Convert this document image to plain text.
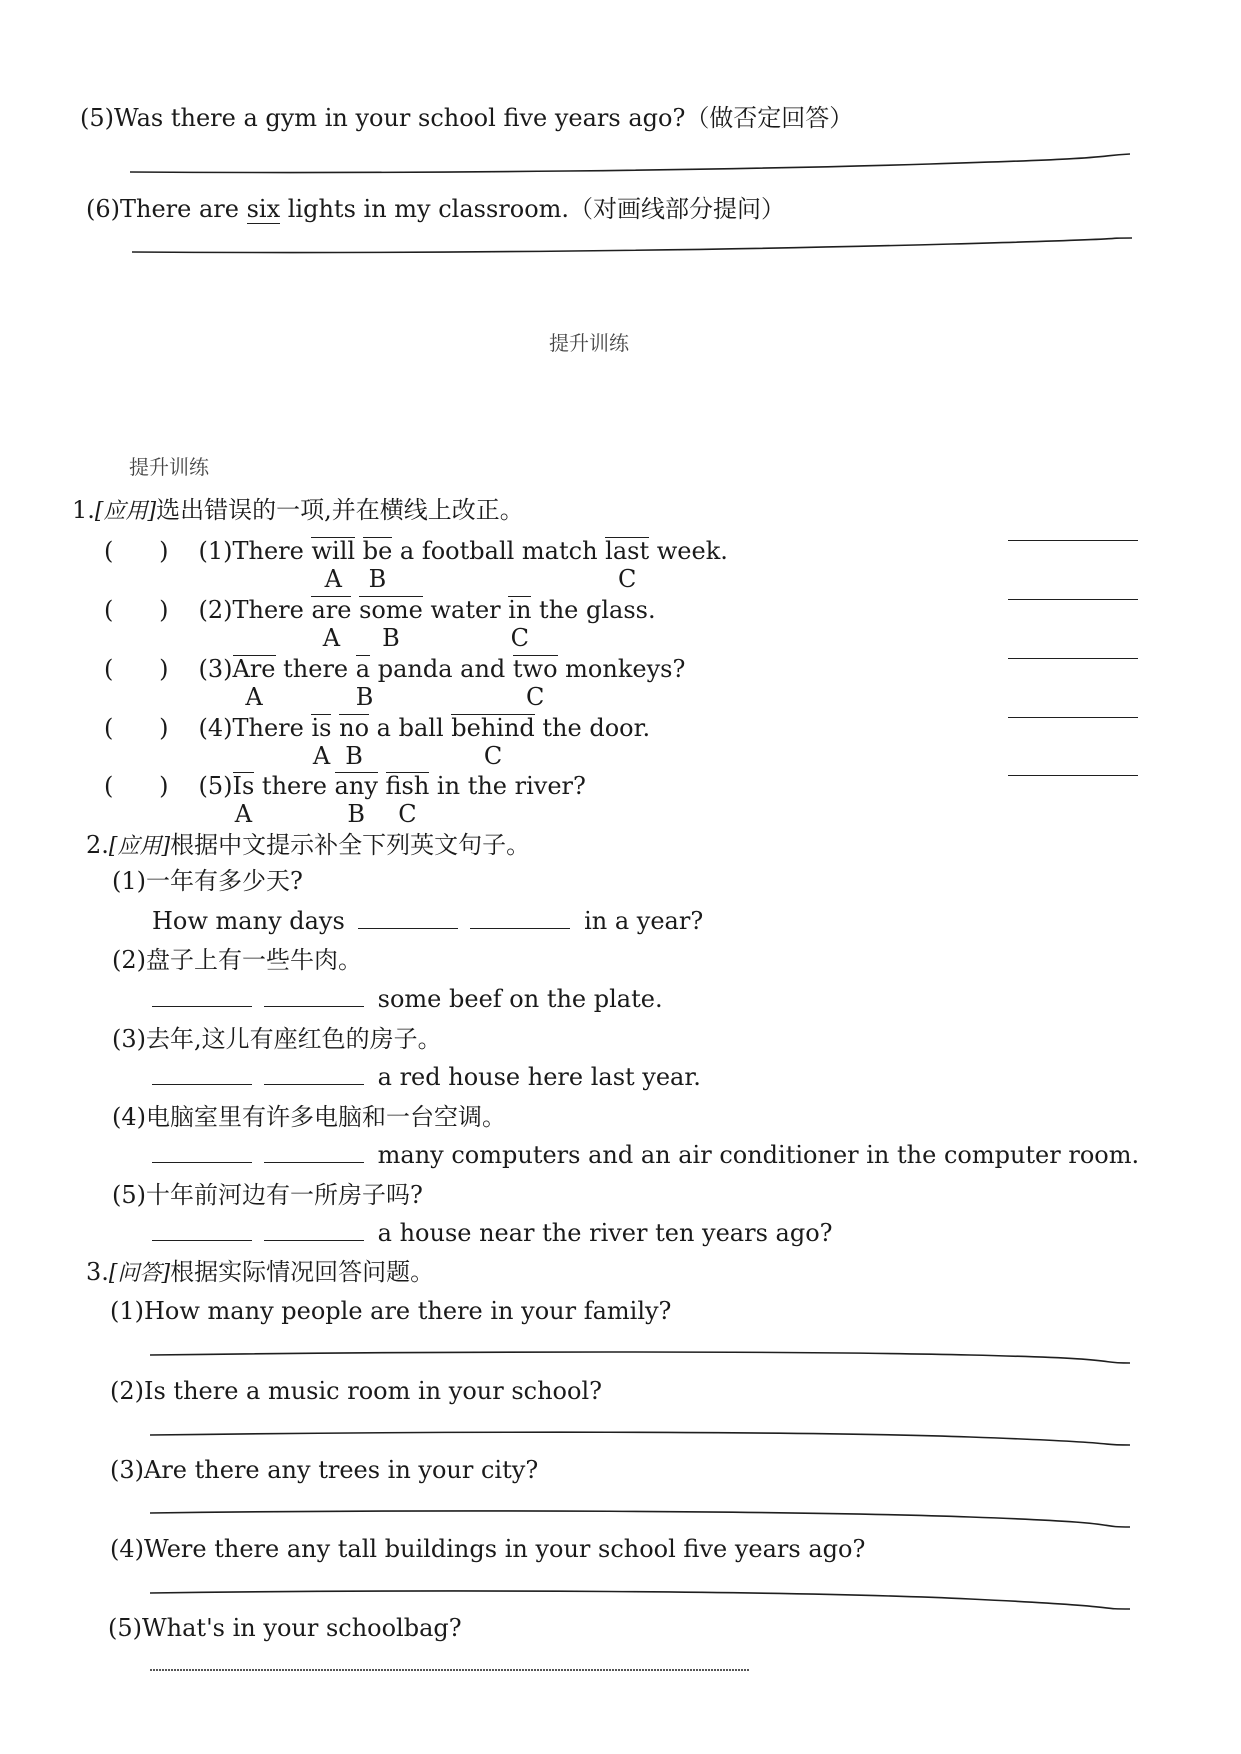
(5)Was there a gym in your school five years ago?（做否定回答）
(6)There are six lights in my classroom.（对画线部分提问）
提升训练
提升训练
1.[应用]选出错误的一项,并在横线上改正。
(      ) (1)There will
A
be
B
a football match last
C
week.
(      ) (2)There are
A
some
B
water in
C
the glass.
(      ) (3)Are
A
there a
B
panda and two
C
monkeys?
(      ) (4)There is
A
no
B
a ball behind
C
the door.
(      ) (5)Is
A
there any
B
fish
C
in the river?
2.[应用]根据中文提示补全下列英文句子。
(1)一年有多少天?
How many days	in a year?
(2)盘子上有一些牛肉。
some beef on the plate.
(3)去年,这儿有座红色的房子。
a red house here last year.
(4)电脑室里有许多电脑和一台空调。
many computers and an air conditioner in the computer room.
(5)十年前河边有一所房子吗?
a house near the river ten years ago?
3.[问答]根据实际情况回答问题。
(1)How many people are there in your family?
(2)Is there a music room in your school?
(3)Are there any trees in your city?
(4)Were there any tall buildings in your school five years ago?
(5)What's in your schoolbag?
